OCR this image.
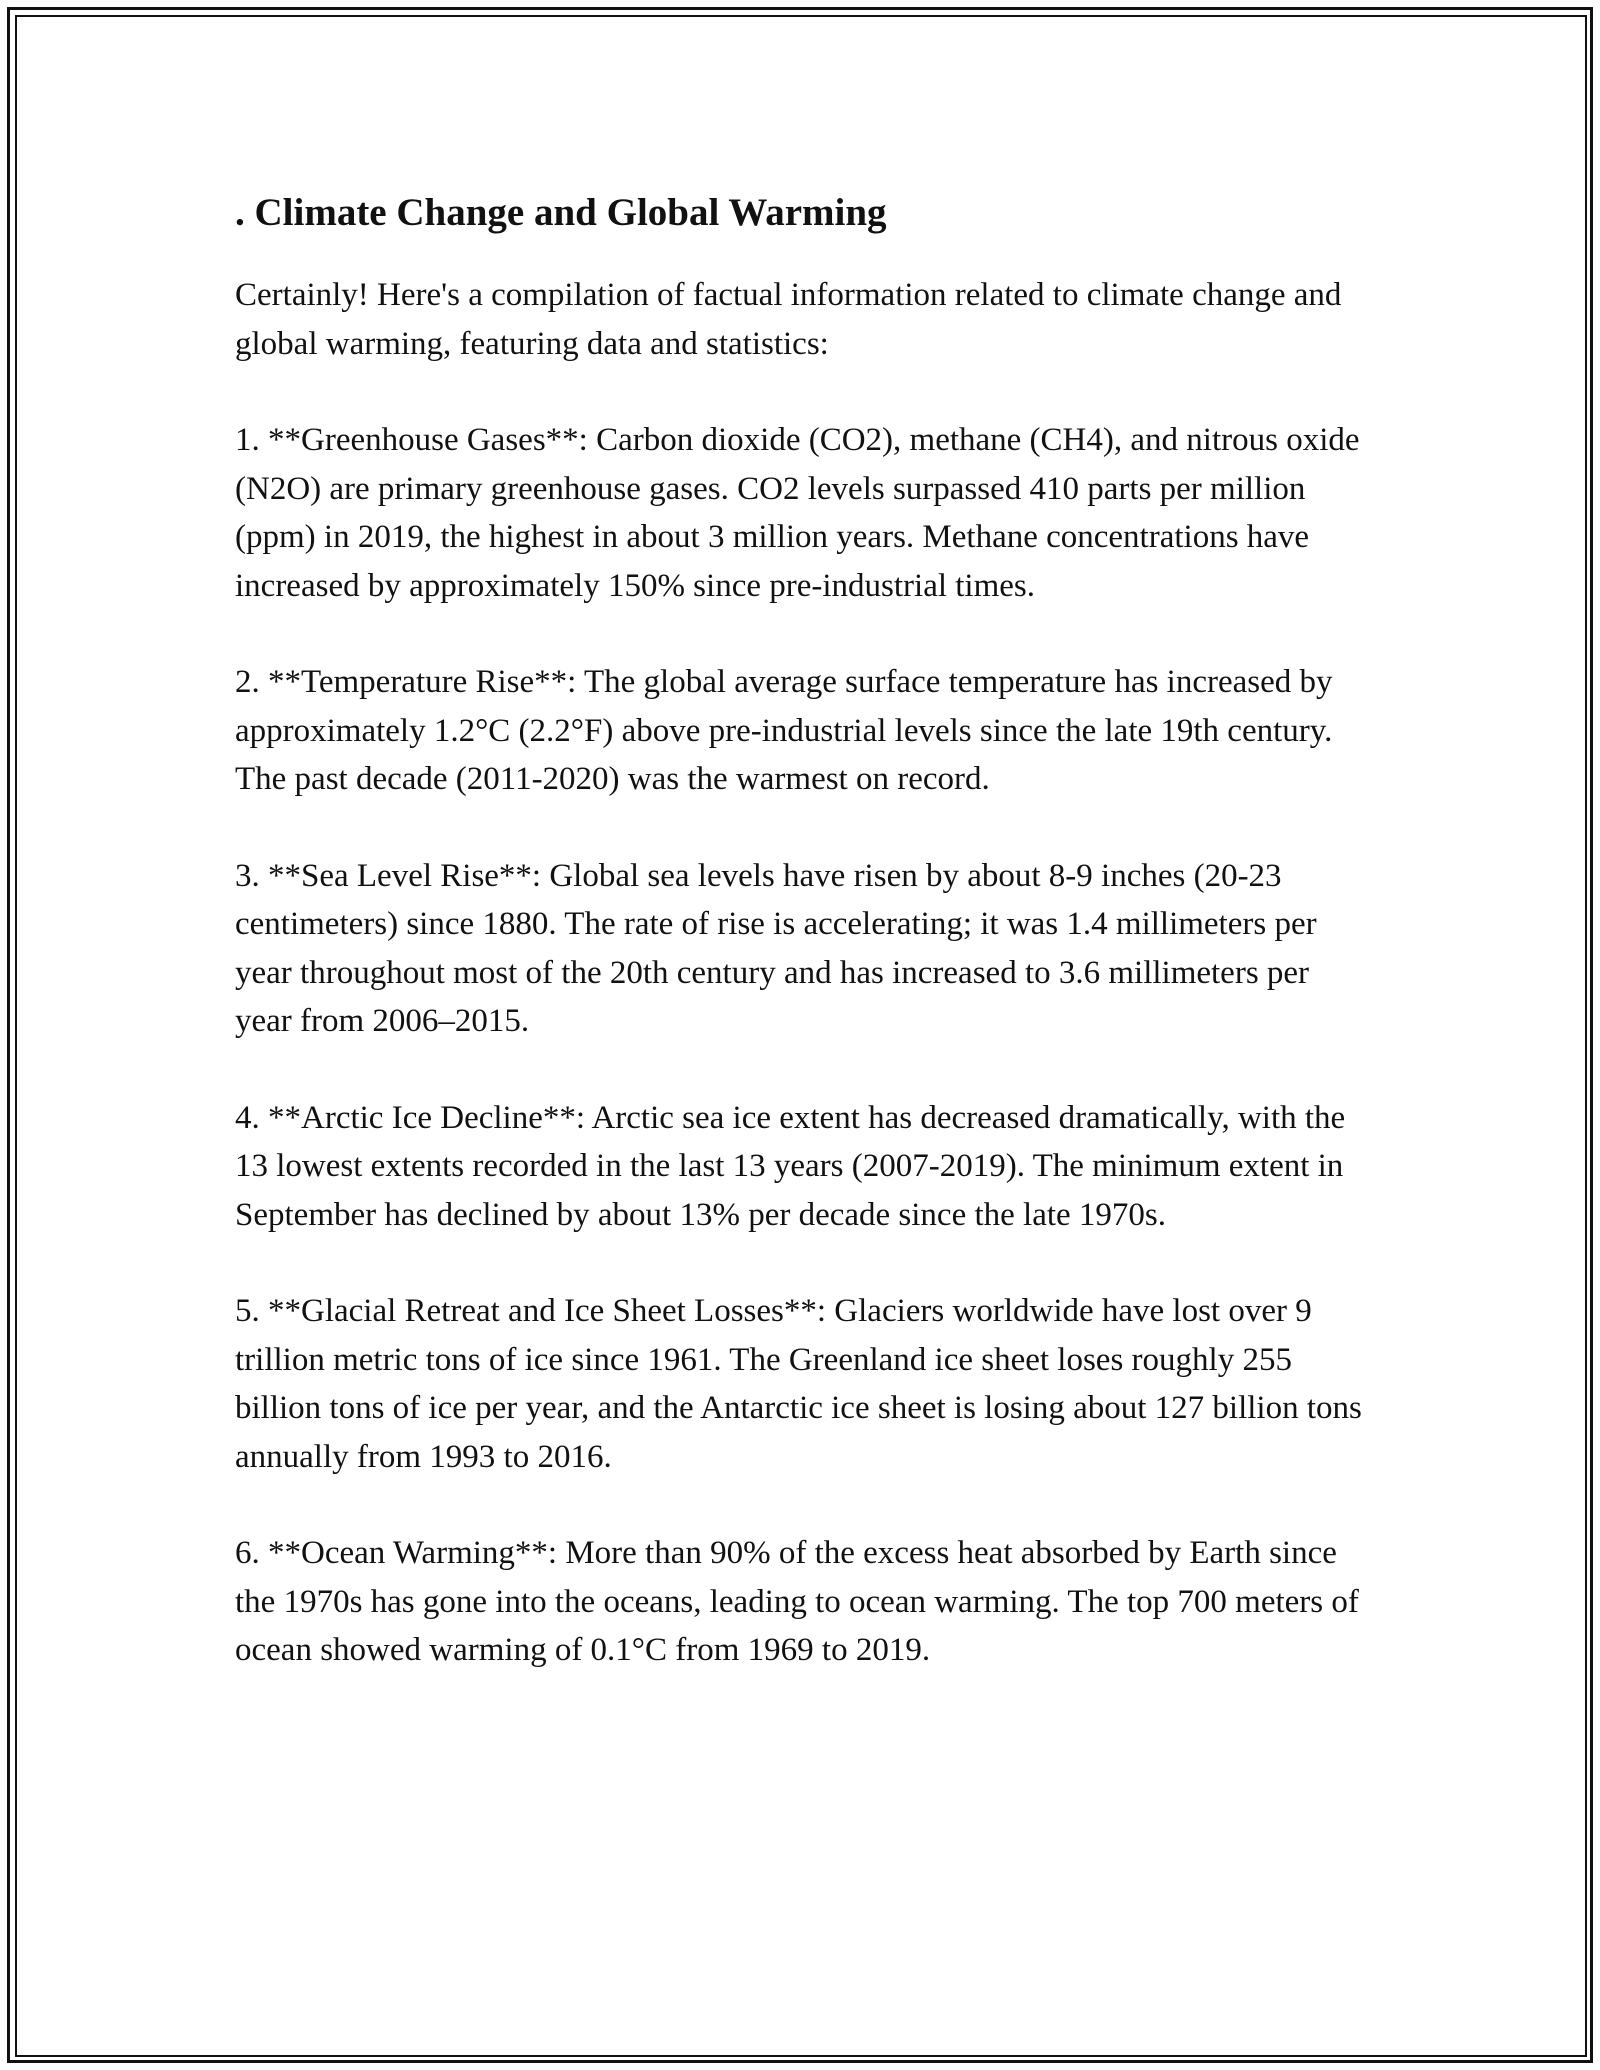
. Climate Change and Global Warming

Certainly! Here's a compilation of factual information related to climate change and global warming, featuring data and statistics:

1. **Greenhouse Gases**: Carbon dioxide (CO2), methane (CH4), and nitrous oxide (N2O) are primary greenhouse gases. CO2 levels surpassed 410 parts per million (ppm) in 2019, the highest in about 3 million years. Methane concentrations have increased by approximately 150% since pre-industrial times.

2. **Temperature Rise**: The global average surface temperature has increased by approximately 1.2°C (2.2°F) above pre-industrial levels since the late 19th century. The past decade (2011-2020) was the warmest on record.

3. **Sea Level Rise**: Global sea levels have risen by about 8-9 inches (20-23 centimeters) since 1880. The rate of rise is accelerating; it was 1.4 millimeters per year throughout most of the 20th century and has increased to 3.6 millimeters per year from 2006–2015.

4. **Arctic Ice Decline**: Arctic sea ice extent has decreased dramatically, with the 13 lowest extents recorded in the last 13 years (2007-2019). The minimum extent in September has declined by about 13% per decade since the late 1970s.

5. **Glacial Retreat and Ice Sheet Losses**: Glaciers worldwide have lost over 9 trillion metric tons of ice since 1961. The Greenland ice sheet loses roughly 255 billion tons of ice per year, and the Antarctic ice sheet is losing about 127 billion tons annually from 1993 to 2016.

6. **Ocean Warming**: More than 90% of the excess heat absorbed by Earth since the 1970s has gone into the oceans, leading to ocean warming. The top 700 meters of ocean showed warming of 0.1°C from 1969 to 2019.
